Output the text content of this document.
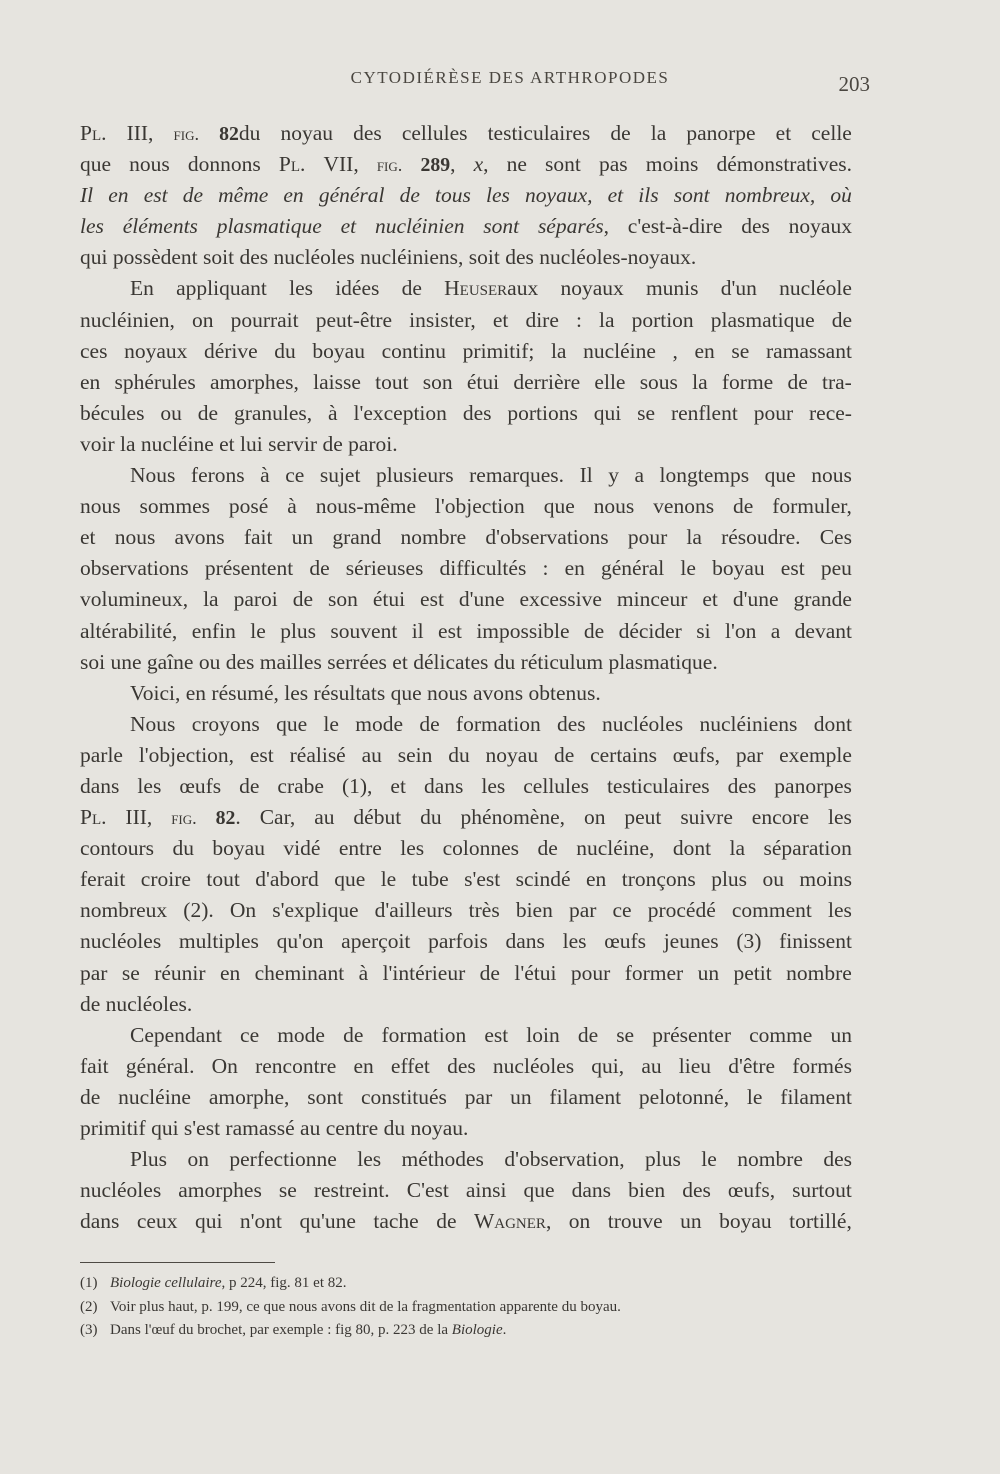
CYTODIÉRÈSE DES ARTHROPODES	203
Pl. III, fig. 82du noyau des cellules testiculaires de la panorpe et celle
que nous donnons Pl. VII, fig. 289, x, ne sont pas moins démonstratives.
Il en est de même en général de tous les noyaux, et ils sont nombreux, où
les éléments plasmatique et nucléinien sont séparés, c'est-à-dire des noyaux
qui possèdent soit des nucléoles nucléiniens, soit des nucléoles-noyaux.
En appliquant les idées de Heuseraux noyaux munis d'un nucléole
nucléinien, on pourrait peut-être insister, et dire : la portion plasmatique de
ces noyaux dérive du boyau continu primitif; la nucléine , en se ramassant
en sphérules amorphes, laisse tout son étui derrière elle sous la forme de tra-
bécules ou de granules, à l'exception des portions qui se renflent pour rece-
voir la nucléine et lui servir de paroi.
Nous ferons à ce sujet plusieurs remarques. Il y a longtemps que nous
nous sommes posé à nous-même l'objection que nous venons de formuler,
et nous avons fait un grand nombre d'observations pour la résoudre. Ces
observations présentent de sérieuses difficultés : en général le boyau est peu
volumineux, la paroi de son étui est d'une excessive minceur et d'une grande
altérabilité, enfin le plus souvent il est impossible de décider si l'on a devant
soi une gaîne ou des mailles serrées et délicates du réticulum plasmatique.
Voici, en résumé, les résultats que nous avons obtenus.
Nous croyons que le mode de formation des nucléoles nucléiniens dont
parle l'objection, est réalisé au sein du noyau de certains œufs, par exemple
dans les œufs de crabe (1), et dans les cellules testiculaires des panorpes
Pl. III, fig. 82. Car, au début du phénomène, on peut suivre encore les
contours du boyau vidé entre les colonnes de nucléine, dont la séparation
ferait croire tout d'abord que le tube s'est scindé en tronçons plus ou moins
nombreux (2). On s'explique d'ailleurs très bien par ce procédé comment les
nucléoles multiples qu'on aperçoit parfois dans les œufs jeunes (3) finissent
par se réunir en cheminant à l'intérieur de l'étui pour former un petit nombre
de nucléoles.
Cependant ce mode de formation est loin de se présenter comme un
fait général. On rencontre en effet des nucléoles qui, au lieu d'être formés
de nucléine amorphe, sont constitués par un filament pelotonné, le filament
primitif qui s'est ramassé au centre du noyau.
Plus on perfectionne les méthodes d'observation, plus le nombre des
nucléoles amorphes se restreint. C'est ainsi que dans bien des œufs, surtout
dans ceux qui n'ont qu'une tache de Wagner, on trouve un boyau tortillé,
(1) Biologie cellulaire, p 224, fig. 81 et 82.
(2) Voir plus haut, p. 199, ce que nous avons dit de la fragmentation apparente du boyau.
(3) Dans l'œuf du brochet, par exemple : fig 80, p. 223 de la Biologie.
